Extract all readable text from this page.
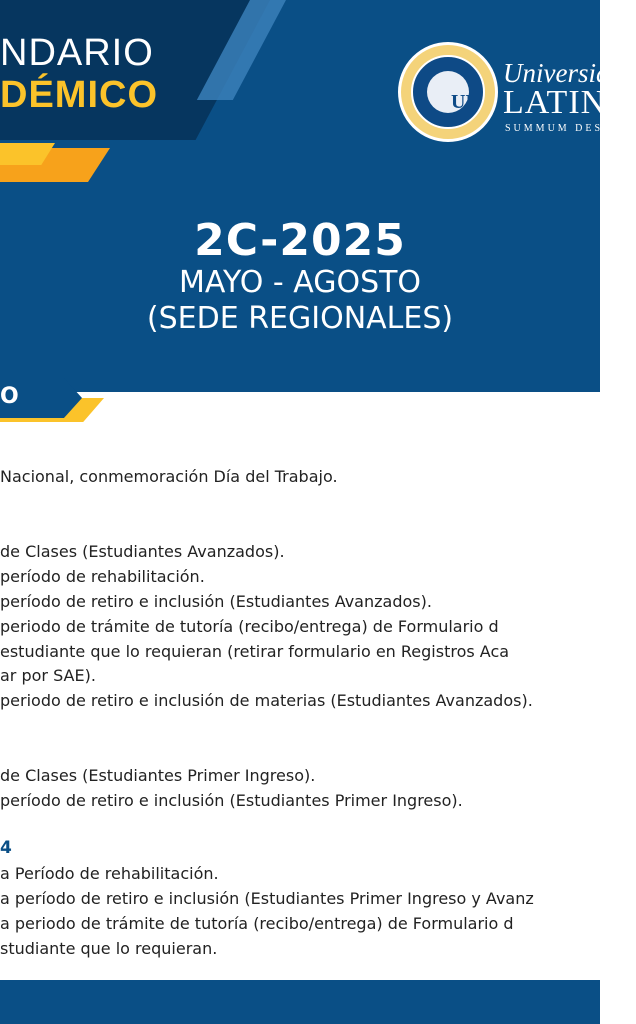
NDARIO
DÉMICO	UL
Universidad
LATINA
SUMMUM DESI
2C-2025
MAYO - AGOSTO
(SEDE REGIONALES)
O
Nacional, conmemoración Día del Trabajo.
de Clases (Estudiantes Avanzados).
período de rehabilitación.
período de retiro e inclusión (Estudiantes Avanzados).
periodo de trámite de tutoría (recibo/entrega) de Formulario d
estudiante que lo requieran (retirar formulario en Registros Aca
ar por SAE).
periodo de retiro e inclusión de materias (Estudiantes Avanzados).
de Clases (Estudiantes Primer Ingreso).
período de retiro e inclusión (Estudiantes Primer Ingreso).
4
a Período de rehabilitación.
a período de retiro e inclusión (Estudiantes Primer Ingreso y Avanz
a periodo de trámite de tutoría (recibo/entrega) de Formulario d
studiante que lo requieran.
